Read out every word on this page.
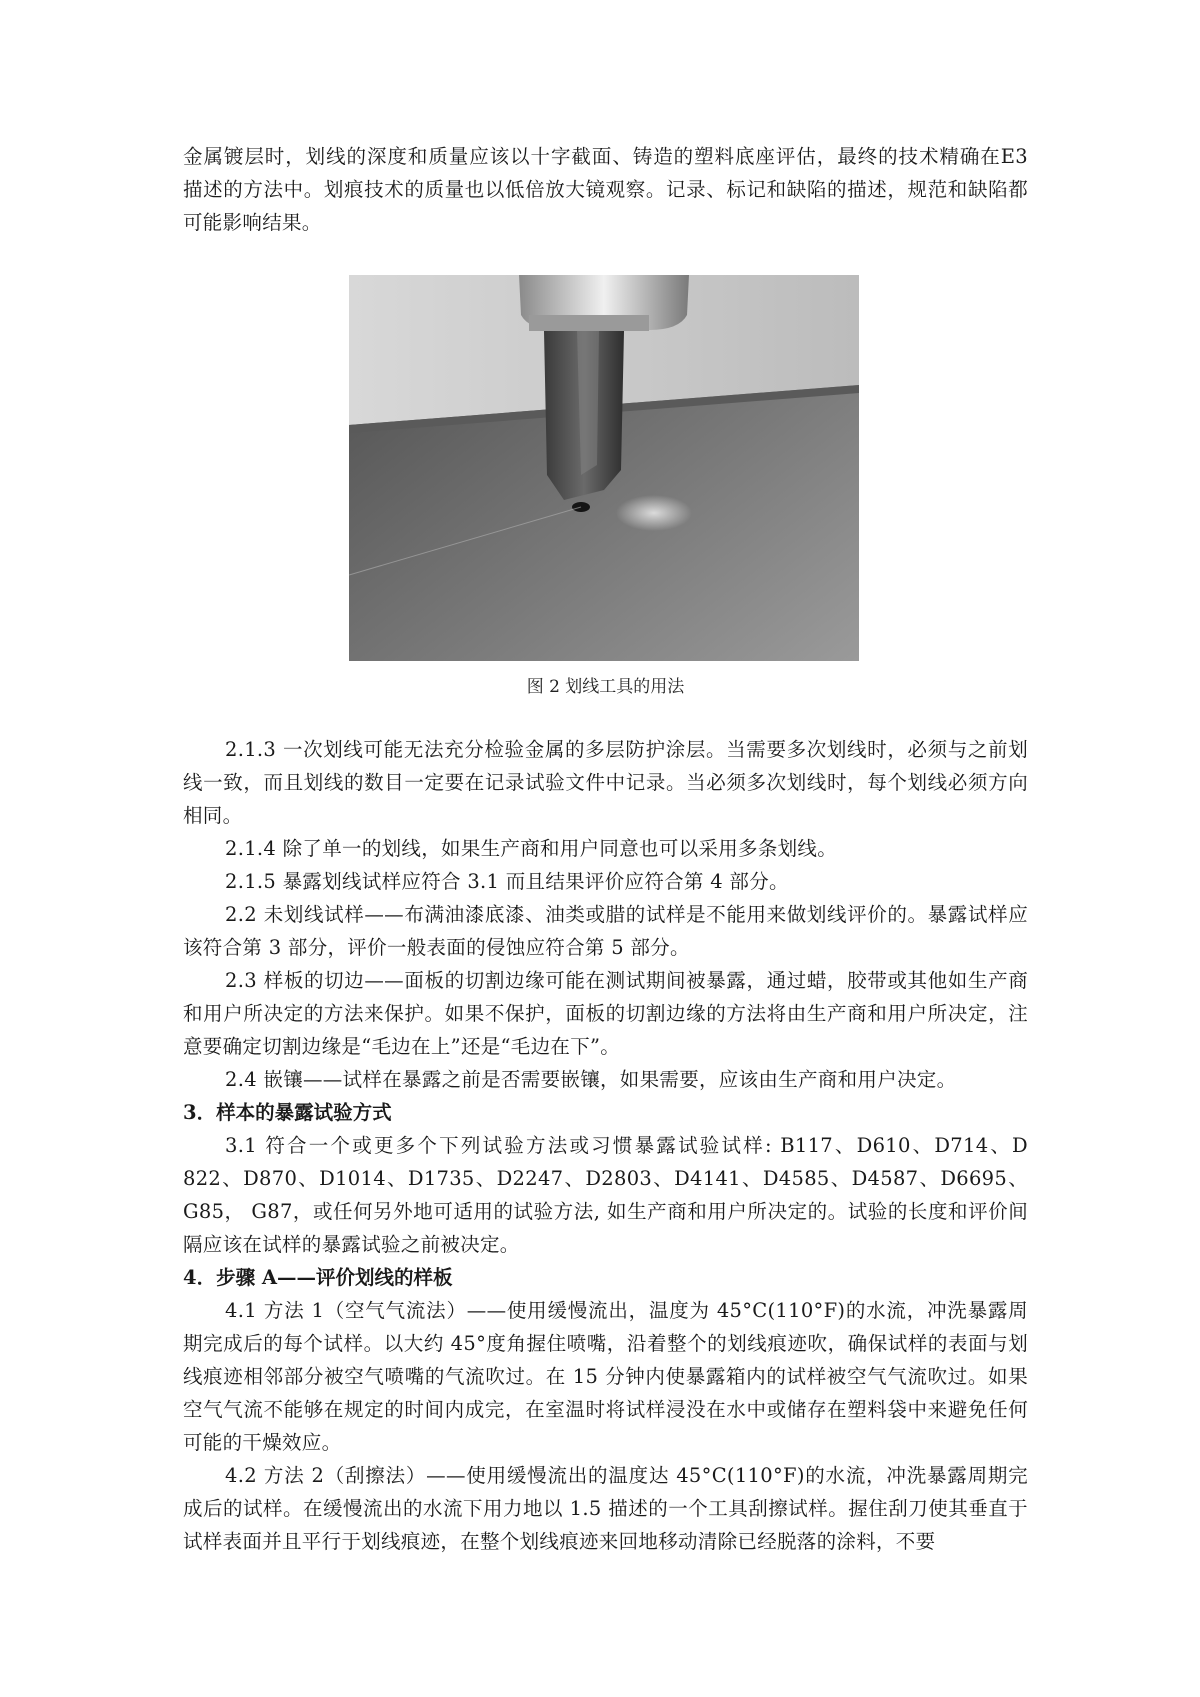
金属镀层时，划线的深度和质量应该以十字截面、铸造的塑料底座评估，最终的技术精确在E3 描述的方法中。划痕技术的质量也以低倍放大镜观察。记录、标记和缺陷的描述，规范和缺陷都可能影响结果。

图 2 划线工具的用法

2.1.3 一次划线可能无法充分检验金属的多层防护涂层。当需要多次划线时，必须与之前划线一致，而且划线的数目一定要在记录试验文件中记录。当必须多次划线时，每个划线必须方向相同。

2.1.4 除了单一的划线，如果生产商和用户同意也可以采用多条划线。

2.1.5 暴露划线试样应符合 3.1 而且结果评价应符合第 4 部分。

2.2 未划线试样——布满油漆底漆、油类或腊的试样是不能用来做划线评价的。暴露试样应该符合第 3 部分，评价一般表面的侵蚀应符合第 5 部分。

2.3 样板的切边——面板的切割边缘可能在测试期间被暴露，通过蜡，胶带或其他如生产商和用户所决定的方法来保护。如果不保护，面板的切割边缘的方法将由生产商和用户所决定，注意要确定切割边缘是“毛边在上”还是“毛边在下”。

2.4 嵌镶——试样在暴露之前是否需要嵌镶，如果需要，应该由生产商和用户决定。

3．样本的暴露试验方式

3.1 符合一个或更多个下列试验方法或习惯暴露试验试样: B117、D610、D714、D 822、D870、D1014、D1735、D2247、D2803、D4141、D4585、D4587、D6695、G85， G87，或任何另外地可适用的试验方法, 如生产商和用户所决定的。试验的长度和评价间隔应该在试样的暴露试验之前被决定。

4．步骤 A——评价划线的样板

4.1 方法 1（空气气流法）——使用缓慢流出，温度为 45°C(110°F)的水流，冲洗暴露周期完成后的每个试样。以大约 45°度角握住喷嘴，沿着整个的划线痕迹吹，确保试样的表面与划线痕迹相邻部分被空气喷嘴的气流吹过。在 15 分钟内使暴露箱内的试样被空气气流吹过。如果空气气流不能够在规定的时间内成完，在室温时将试样浸没在水中或储存在塑料袋中来避免任何可能的干燥效应。

4.2 方法 2（刮擦法）——使用缓慢流出的温度达 45°C(110°F)的水流，冲洗暴露周期完成后的试样。在缓慢流出的水流下用力地以 1.5 描述的一个工具刮擦试样。握住刮刀使其垂直于试样表面并且平行于划线痕迹，在整个划线痕迹来回地移动清除已经脱落的涂料，不要
